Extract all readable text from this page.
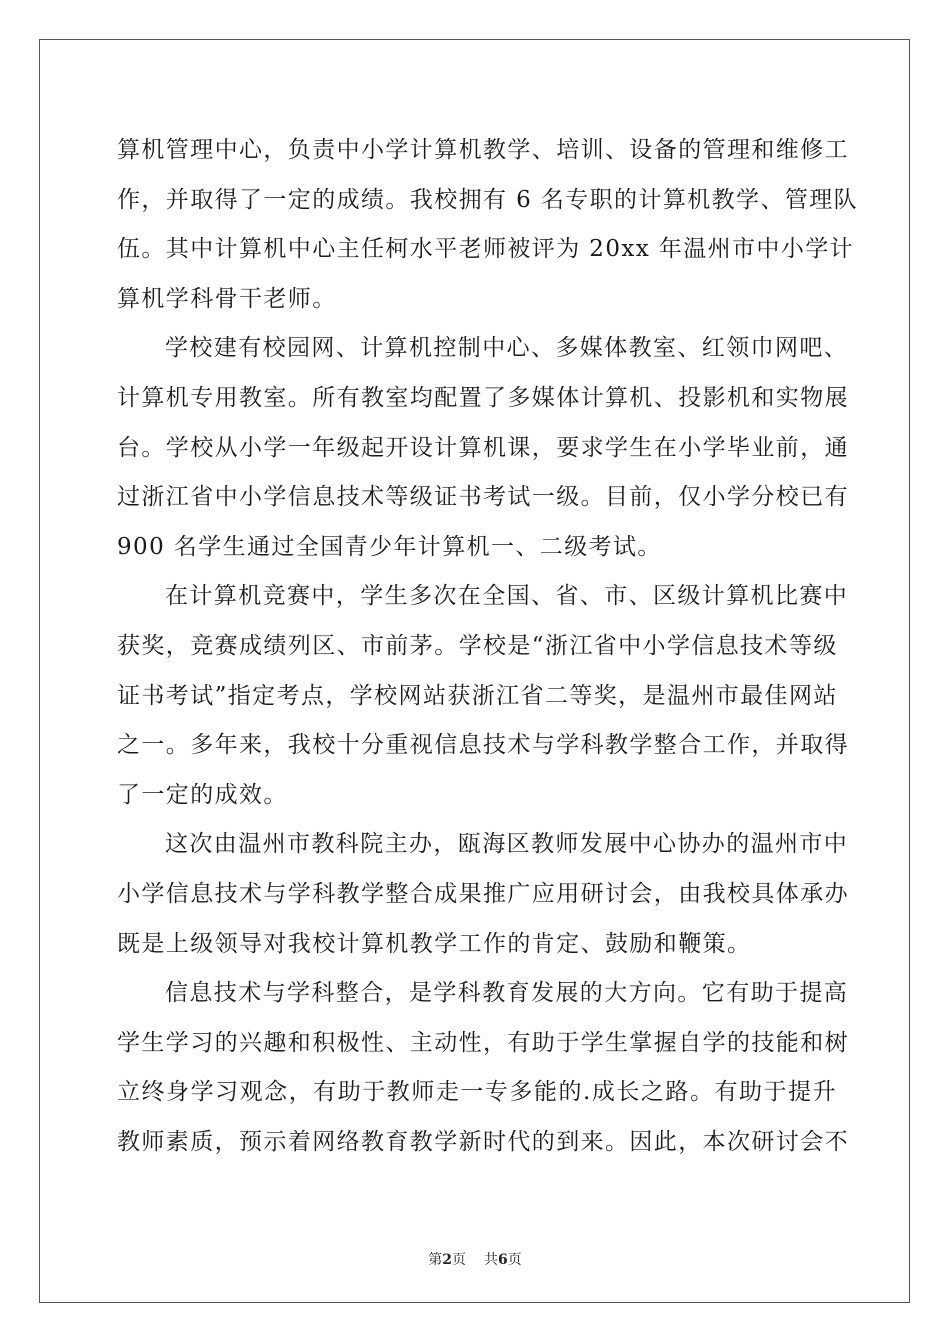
算机管理中心，负责中小学计算机教学、培训、设备的管理和维修工
作，并取得了一定的成绩。我校拥有 6 名专职的计算机教学、管理队
伍。其中计算机中心主任柯水平老师被评为 20xx 年温州市中小学计
算机学科骨干老师。
学校建有校园网、计算机控制中心、多媒体教室、红领巾网吧、
计算机专用教室。所有教室均配置了多媒体计算机、投影机和实物展
台。学校从小学一年级起开设计算机课，要求学生在小学毕业前，通
过浙江省中小学信息技术等级证书考试一级。目前，仅小学分校已有
900 名学生通过全国青少年计算机一、二级考试。
在计算机竞赛中，学生多次在全国、省、市、区级计算机比赛中
获奖，竞赛成绩列区、市前茅。学校是“浙江省中小学信息技术等级
证书考试”指定考点，学校网站获浙江省二等奖，是温州市最佳网站
之一。多年来，我校十分重视信息技术与学科教学整合工作，并取得
了一定的成效。
这次由温州市教科院主办，瓯海区教师发展中心协办的温州市中
小学信息技术与学科教学整合成果推广应用研讨会，由我校具体承办
既是上级领导对我校计算机教学工作的肯定、鼓励和鞭策。
信息技术与学科整合，是学科教育发展的大方向。它有助于提高
学生学习的兴趣和积极性、主动性，有助于学生掌握自学的技能和树
立终身学习观念，有助于教师走一专多能的.成长之路。有助于提升
教师素质，预示着网络教育教学新时代的到来。因此，本次研讨会不
第2页 共6页
